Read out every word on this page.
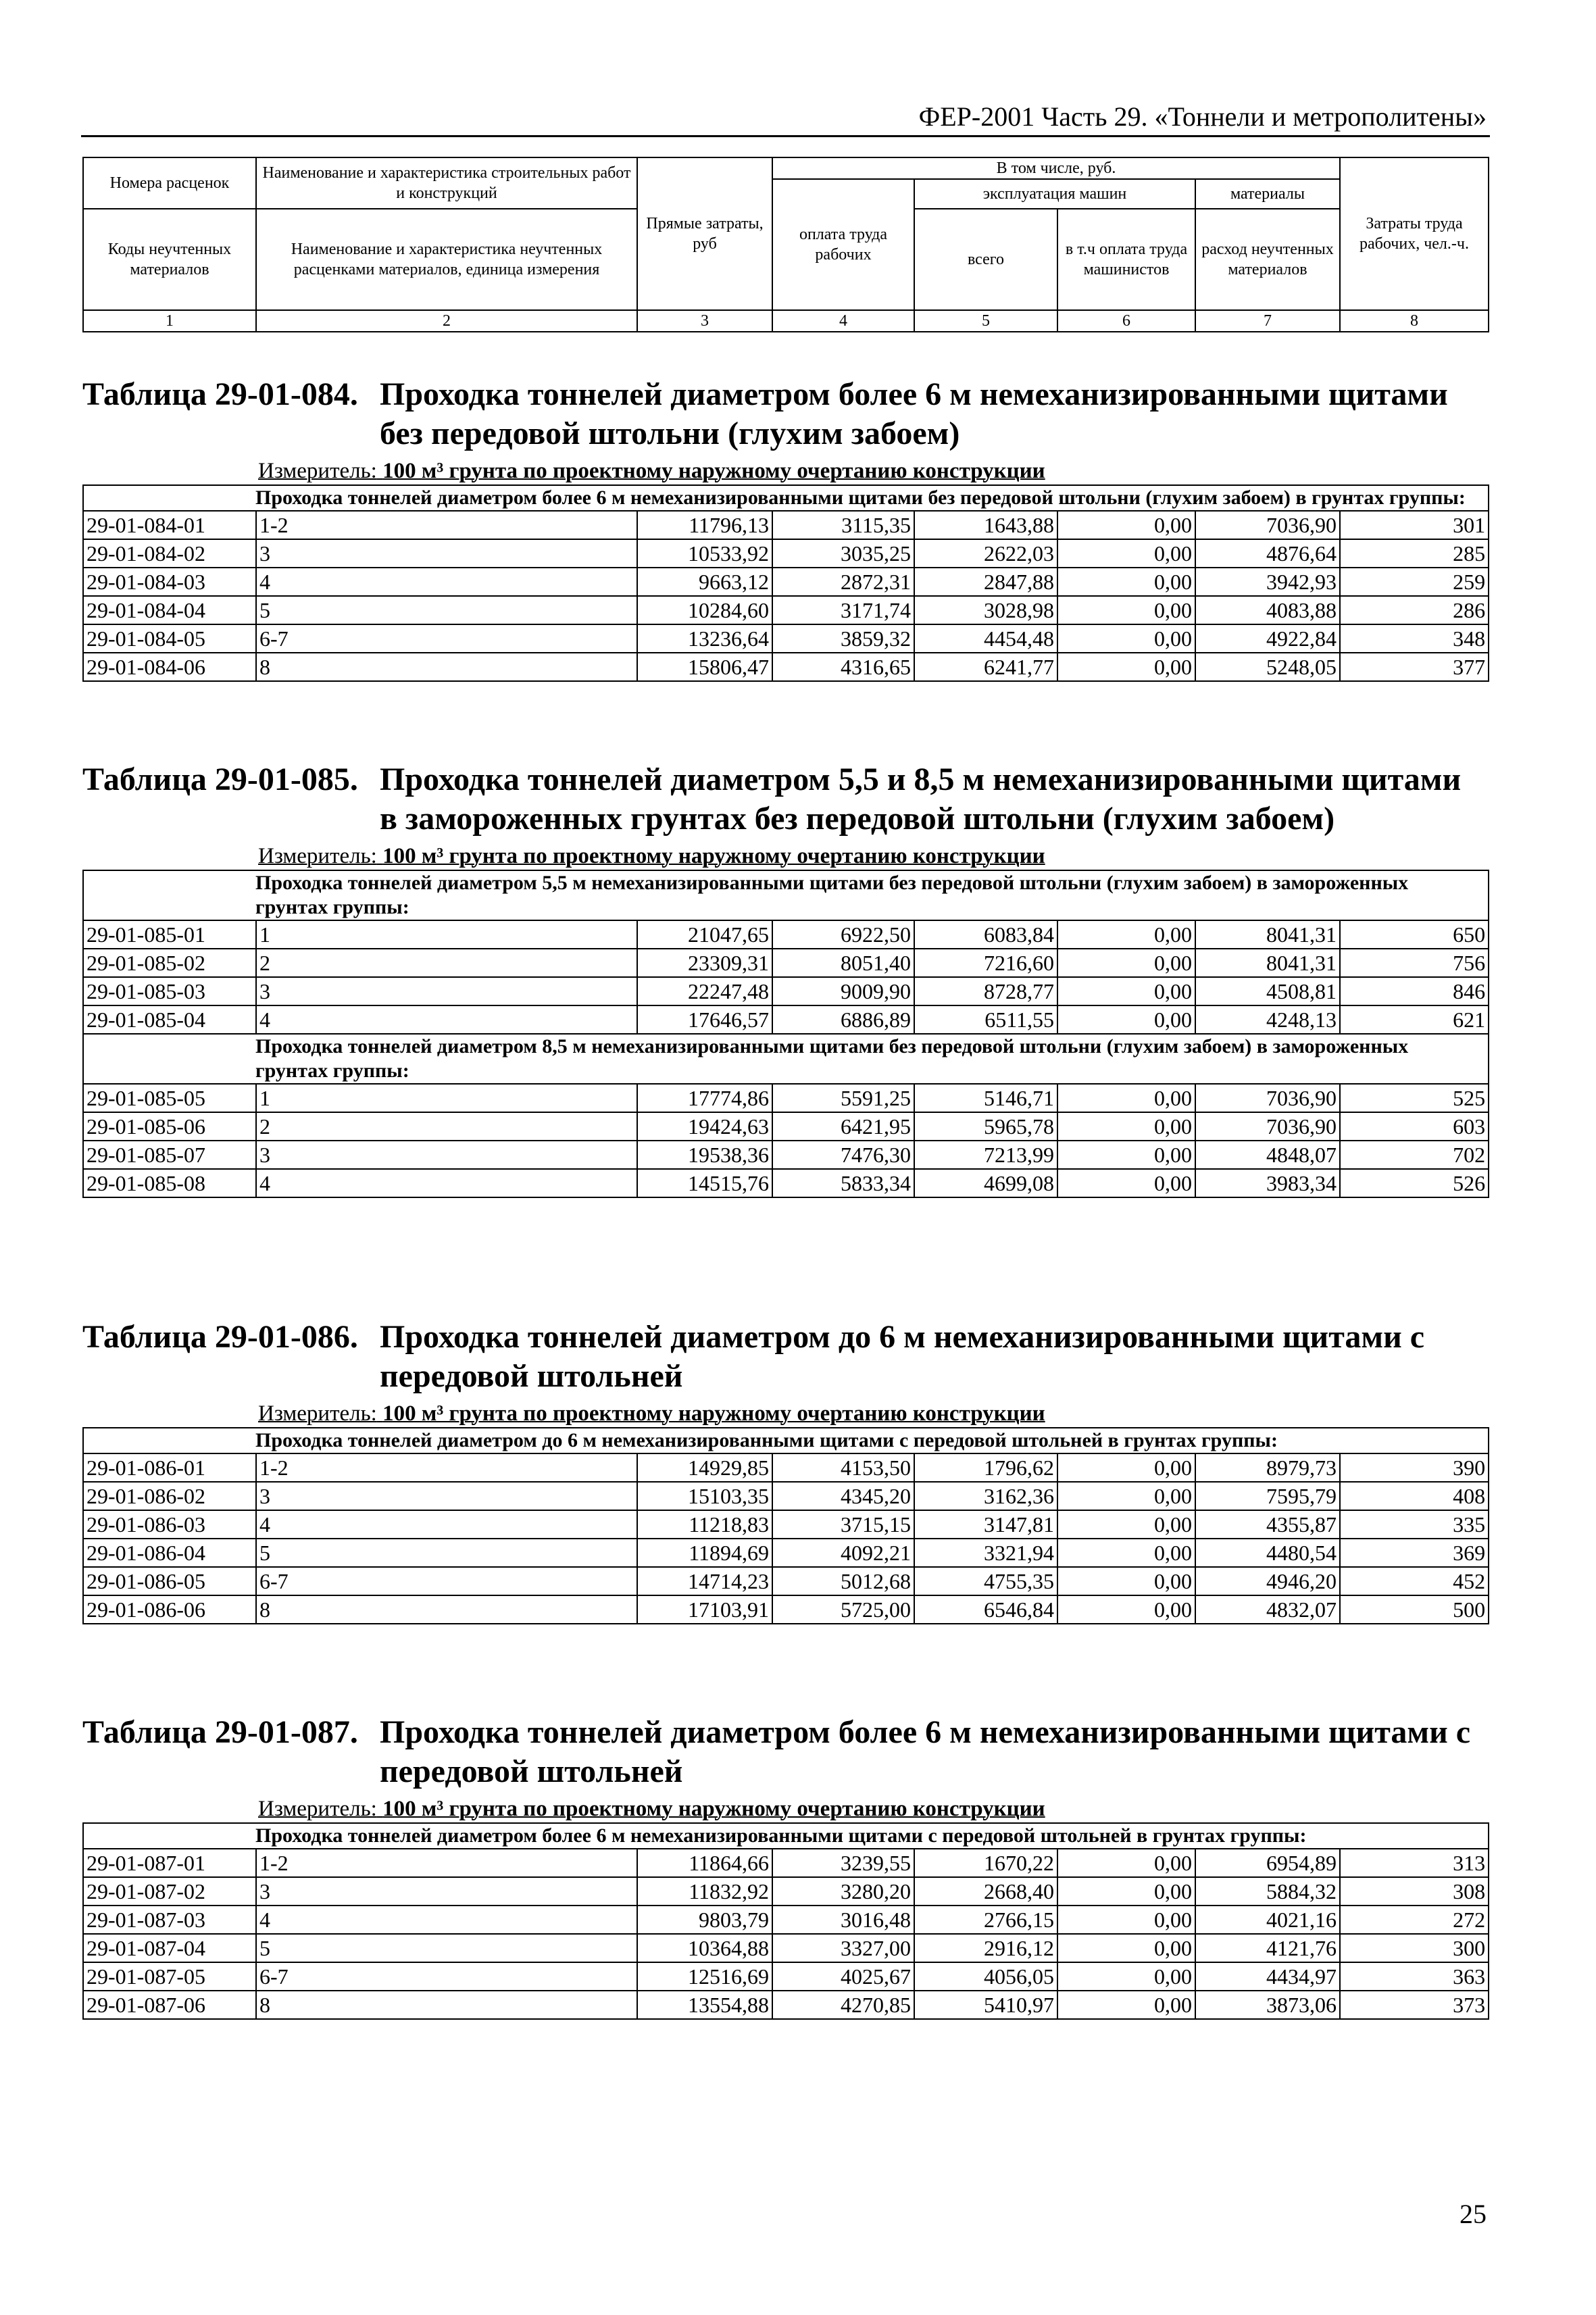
ФЕР-2001 Часть 29. «Тоннели и метрополитены»
Номера расценок	Наименование и характеристика строительных работ и конструкций	Прямые затраты, руб	В том числе, руб.				Затраты труда рабочих, чел.-ч.
			оплата труда рабочих	эксплуатация машин		материалы	
Коды неучтенных материалов	Наименование и характеристика неучтенных расценками материалов, единица измерения			всего	в т.ч оплата труда машинистов	расход неучтенных материалов	

1	2	3	4	5	6	7	8
Таблица 29-01-084. Проходка тоннелей диаметром более 6 м немеханизированными щитами без передовой штольни (глухим забоем)
Измеритель: 100 м³ грунта по проектному наружному очертанию конструкции
Проходка тоннелей диаметром более 6 м немеханизированными щитами без передовой штольни (глухим забоем) в грунтах группы:							
29-01-084-01	1-2	11796,13	3115,35	1643,88	0,00	7036,90	301
29-01-084-02	3	10533,92	3035,25	2622,03	0,00	4876,64	285
29-01-084-03	4	9663,12	2872,31	2847,88	0,00	3942,93	259
29-01-084-04	5	10284,60	3171,74	3028,98	0,00	4083,88	286
29-01-084-05	6-7	13236,64	3859,32	4454,48	0,00	4922,84	348
29-01-084-06	8	15806,47	4316,65	6241,77	0,00	5248,05	377
Таблица 29-01-085. Проходка тоннелей диаметром 5,5 и 8,5 м немеханизированными щитами в замороженных грунтах без передовой штольни (глухим забоем)
Измеритель: 100 м³ грунта по проектному наружному очертанию конструкции
Проходка тоннелей диаметром 5,5 м немеханизированными щитами без передовой штольни (глухим забоем) в замороженных грунтах группы:							
29-01-085-01	1	21047,65	6922,50	6083,84	0,00	8041,31	650
29-01-085-02	2	23309,31	8051,40	7216,60	0,00	8041,31	756
29-01-085-03	3	22247,48	9009,90	8728,77	0,00	4508,81	846
29-01-085-04	4	17646,57	6886,89	6511,55	0,00	4248,13	621
Проходка тоннелей диаметром 8,5 м немеханизированными щитами без передовой штольни (глухим забоем) в замороженных грунтах группы:							
29-01-085-05	1	17774,86	5591,25	5146,71	0,00	7036,90	525
29-01-085-06	2	19424,63	6421,95	5965,78	0,00	7036,90	603
29-01-085-07	3	19538,36	7476,30	7213,99	0,00	4848,07	702
29-01-085-08	4	14515,76	5833,34	4699,08	0,00	3983,34	526
Таблица 29-01-086. Проходка тоннелей диаметром до 6 м немеханизированными щитами с передовой штольней
Измеритель: 100 м³ грунта по проектному наружному очертанию конструкции
Проходка тоннелей диаметром до 6 м немеханизированными щитами с передовой штольней в грунтах группы:							
29-01-086-01	1-2	14929,85	4153,50	1796,62	0,00	8979,73	390
29-01-086-02	3	15103,35	4345,20	3162,36	0,00	7595,79	408
29-01-086-03	4	11218,83	3715,15	3147,81	0,00	4355,87	335
29-01-086-04	5	11894,69	4092,21	3321,94	0,00	4480,54	369
29-01-086-05	6-7	14714,23	5012,68	4755,35	0,00	4946,20	452
29-01-086-06	8	17103,91	5725,00	6546,84	0,00	4832,07	500
Таблица 29-01-087. Проходка тоннелей диаметром более 6 м немеханизированными щитами с передовой штольней
Измеритель: 100 м³ грунта по проектному наружному очертанию конструкции
Проходка тоннелей диаметром более 6 м немеханизированными щитами с передовой штольней в грунтах группы:							
29-01-087-01	1-2	11864,66	3239,55	1670,22	0,00	6954,89	313
29-01-087-02	3	11832,92	3280,20	2668,40	0,00	5884,32	308
29-01-087-03	4	9803,79	3016,48	2766,15	0,00	4021,16	272
29-01-087-04	5	10364,88	3327,00	2916,12	0,00	4121,76	300
29-01-087-05	6-7	12516,69	4025,67	4056,05	0,00	4434,97	363
29-01-087-06	8	13554,88	4270,85	5410,97	0,00	3873,06	373
25
